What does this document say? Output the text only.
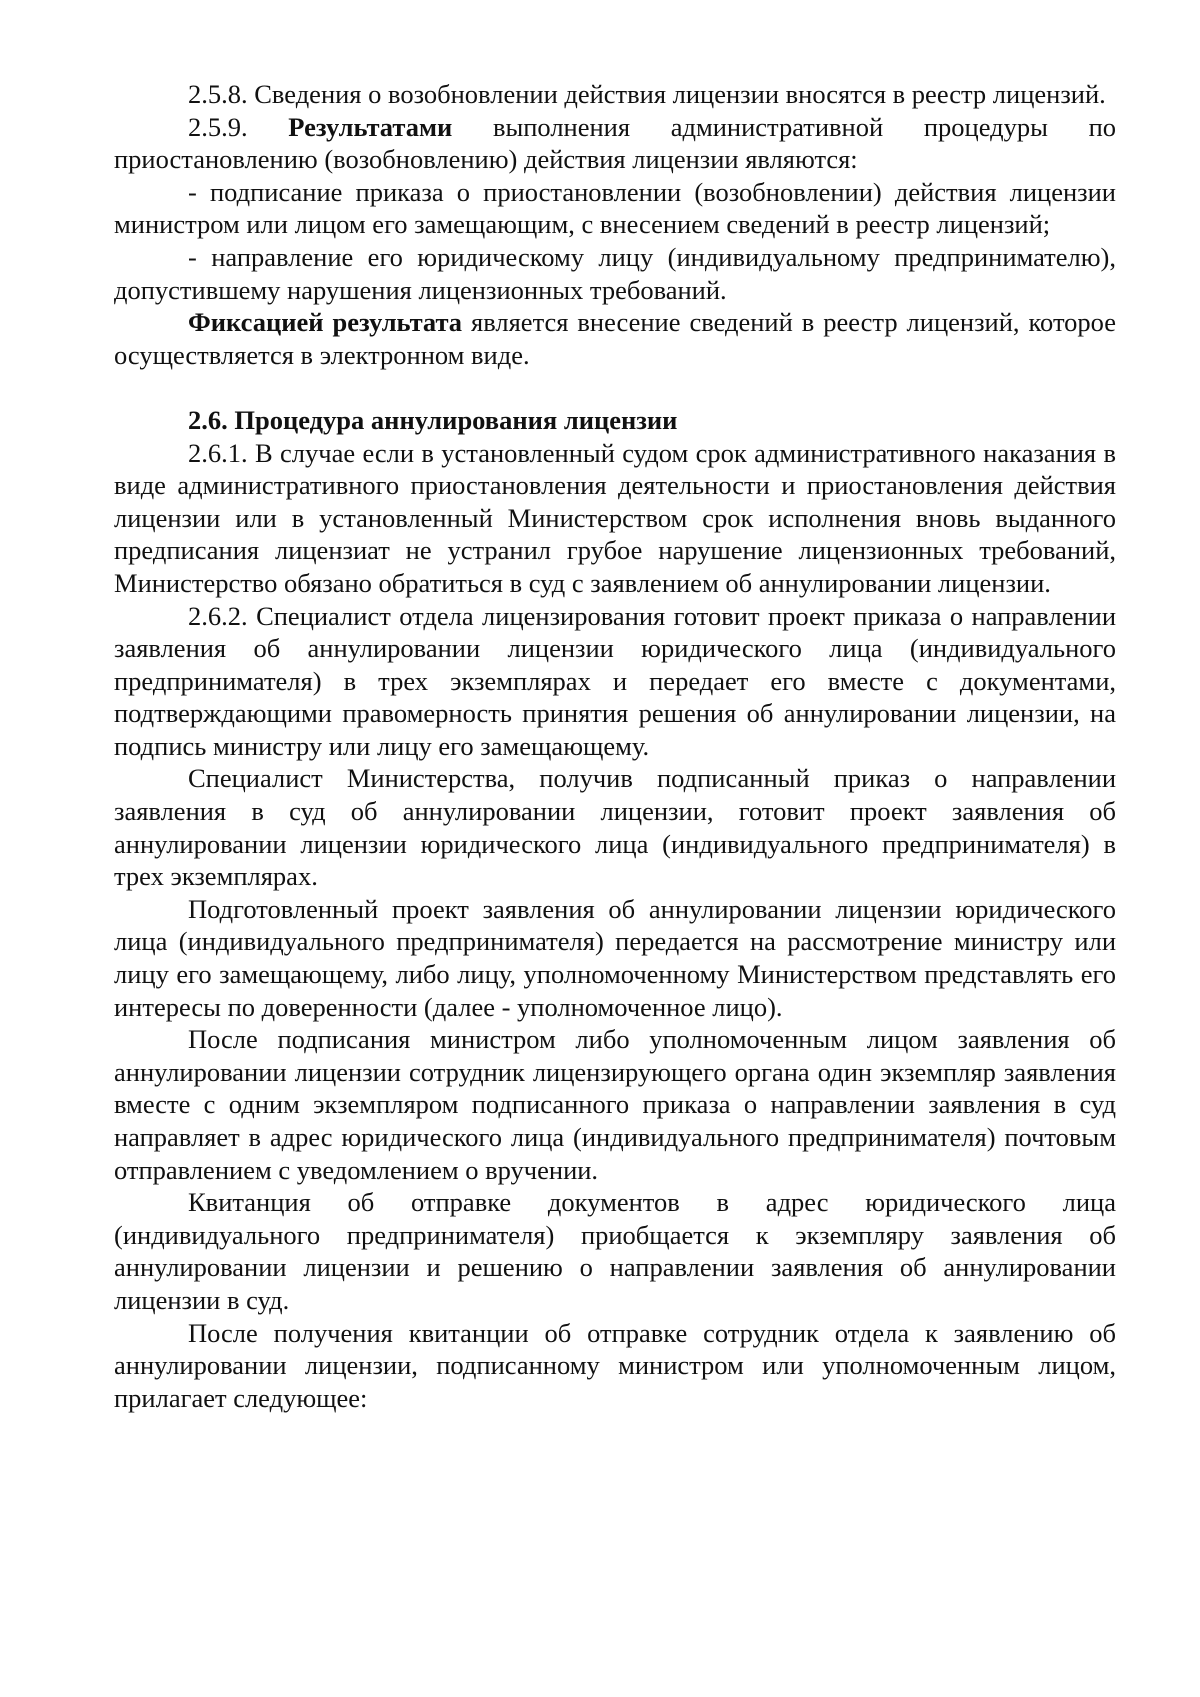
2.5.8. Сведения о возобновлении действия лицензии вносятся в реестр лицензий.

2.5.9. Результатами выполнения административной процедуры по приостановлению (возобновлению) действия лицензии являются:

- подписание приказа о приостановлении (возобновлении) действия лицензии министром или лицом его замещающим, с внесением сведений в реестр лицензий;

- направление его юридическому лицу (индивидуальному предпринимателю), допустившему нарушения лицензионных требований.

Фиксацией результата является внесение сведений в реестр лицензий, которое осуществляется в электронном виде.

2.6. Процедура аннулирования лицензии

2.6.1. В случае если в установленный судом срок административного наказания в виде административного приостановления деятельности и приостановления действия лицензии или в установленный Министерством срок исполнения вновь выданного предписания лицензиат не устранил грубое нарушение лицензионных требований, Министерство обязано обратиться в суд с заявлением об аннулировании лицензии.

2.6.2. Специалист отдела лицензирования готовит проект приказа о направлении заявления об аннулировании лицензии юридического лица (индивидуального предпринимателя) в трех экземплярах и передает его вместе с документами, подтверждающими правомерность принятия решения об аннулировании лицензии, на подпись министру или лицу его замещающему.

Специалист Министерства, получив подписанный приказ о направлении заявления в суд об аннулировании лицензии, готовит проект заявления об аннулировании лицензии юридического лица (индивидуального предпринимателя) в трех экземплярах.

Подготовленный проект заявления об аннулировании лицензии юридического лица (индивидуального предпринимателя) передается на рассмотрение министру или лицу его замещающему, либо лицу, уполномоченному Министерством представлять его интересы по доверенности (далее - уполномоченное лицо).

После подписания министром либо уполномоченным лицом заявления об аннулировании лицензии сотрудник лицензирующего органа один экземпляр заявления вместе с одним экземпляром подписанного приказа о направлении заявления в суд направляет в адрес юридического лица (индивидуального предпринимателя) почтовым отправлением с уведомлением о вручении.

Квитанция об отправке документов в адрес юридического лица (индивидуального предпринимателя) приобщается к экземпляру заявления об аннулировании лицензии и решению о направлении заявления об аннулировании лицензии в суд.

После получения квитанции об отправке сотрудник отдела к заявлению об аннулировании лицензии, подписанному министром или уполномоченным лицом, прилагает следующее:
